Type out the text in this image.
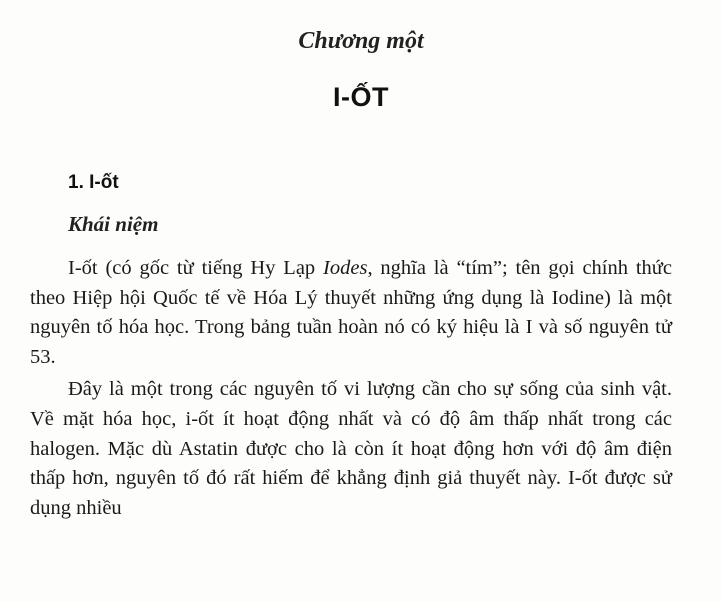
Chương một
I-ỐT
1. I-ốt
Khái niệm

I-ốt (có gốc từ tiếng Hy Lạp Iodes, nghĩa là “tím”; tên gọi chính thức theo Hiệp hội Quốc tế về Hóa Lý thuyết những ứng dụng là Iodine) là một nguyên tố hóa học. Trong bảng tuần hoàn nó có ký hiệu là I và số nguyên tử 53.

Đây là một trong các nguyên tố vi lượng cần cho sự sống của sinh vật. Về mặt hóa học, i-ốt ít hoạt động nhất và có độ âm thấp nhất trong các halogen. Mặc dù Astatin được cho là còn ít hoạt động hơn với độ âm điện thấp hơn, nguyên tố đó rất hiếm để khẳng định giả thuyết này. I-ốt được sử dụng nhiều
